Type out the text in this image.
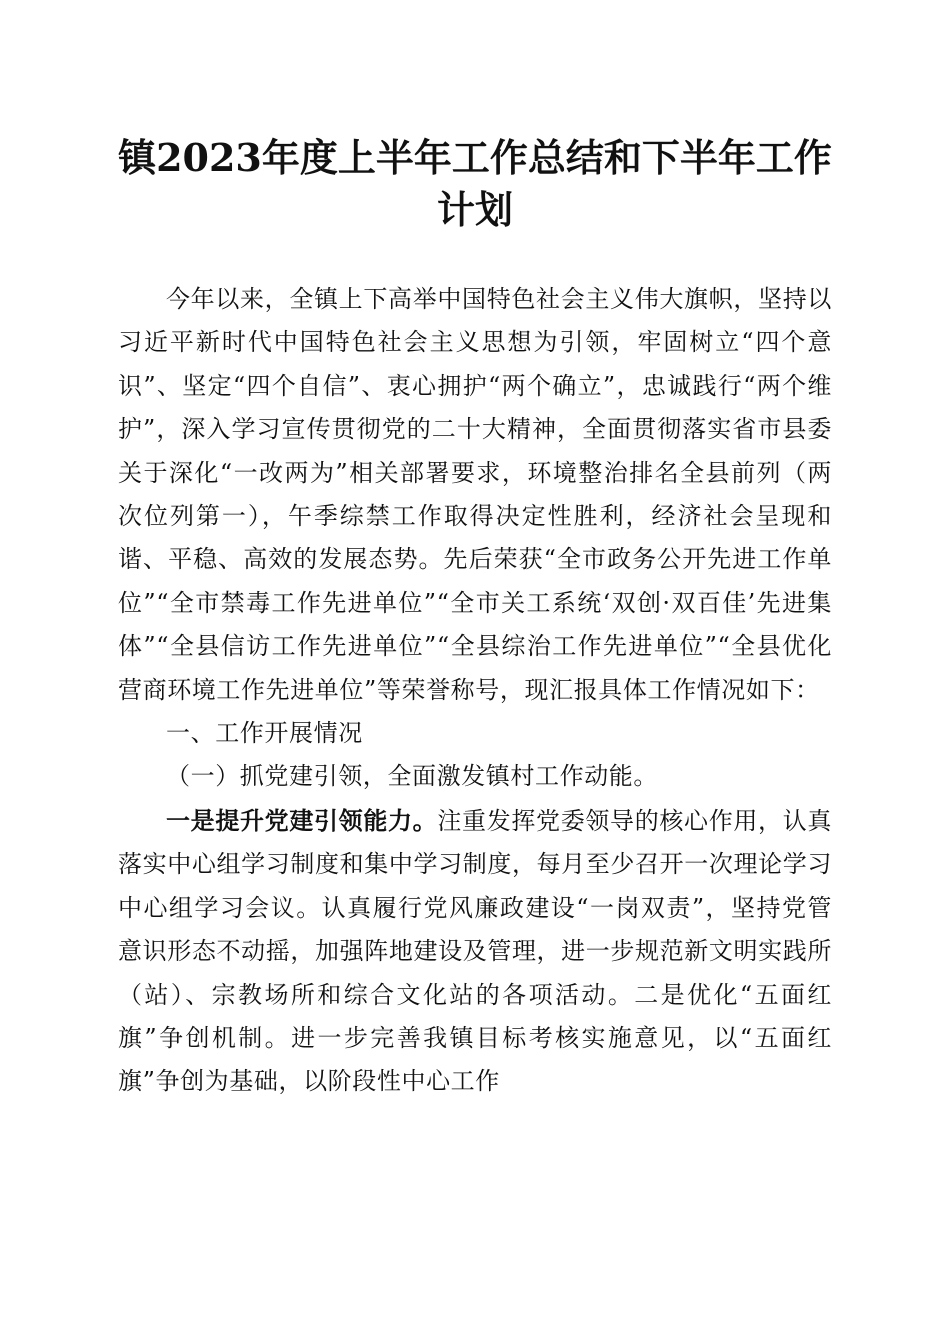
镇2023年度上半年工作总结和下半年工作计划

今年以来，全镇上下高举中国特色社会主义伟大旗帜，坚持以习近平新时代中国特色社会主义思想为引领，牢固树立“四个意识”、坚定“四个自信”、衷心拥护“两个确立”，忠诚践行“两个维护”，深入学习宣传贯彻党的二十大精神，全面贯彻落实省市县委关于深化“一改两为”相关部署要求，环境整治排名全县前列（两次位列第一），午季综禁工作取得决定性胜利，经济社会呈现和谐、平稳、高效的发展态势。先后荣获“全市政务公开先进工作单位”“全市禁毒工作先进单位”“全市关工系统‘双创·双百佳’先进集体”“全县信访工作先进单位”“全县综治工作先进单位”“全县优化营商环境工作先进单位”等荣誉称号，现汇报具体工作情况如下：

一、工作开展情况

（一）抓党建引领，全面激发镇村工作动能。

一是提升党建引领能力。注重发挥党委领导的核心作用，认真落实中心组学习制度和集中学习制度，每月至少召开一次理论学习中心组学习会议。认真履行党风廉政建设“一岗双责”，坚持党管意识形态不动摇，加强阵地建设及管理，进一步规范新文明实践所（站）、宗教场所和综合文化站的各项活动。二是优化“五面红旗”争创机制。进一步完善我镇目标考核实施意见，以“五面红旗”争创为基础，以阶段性中心工作
